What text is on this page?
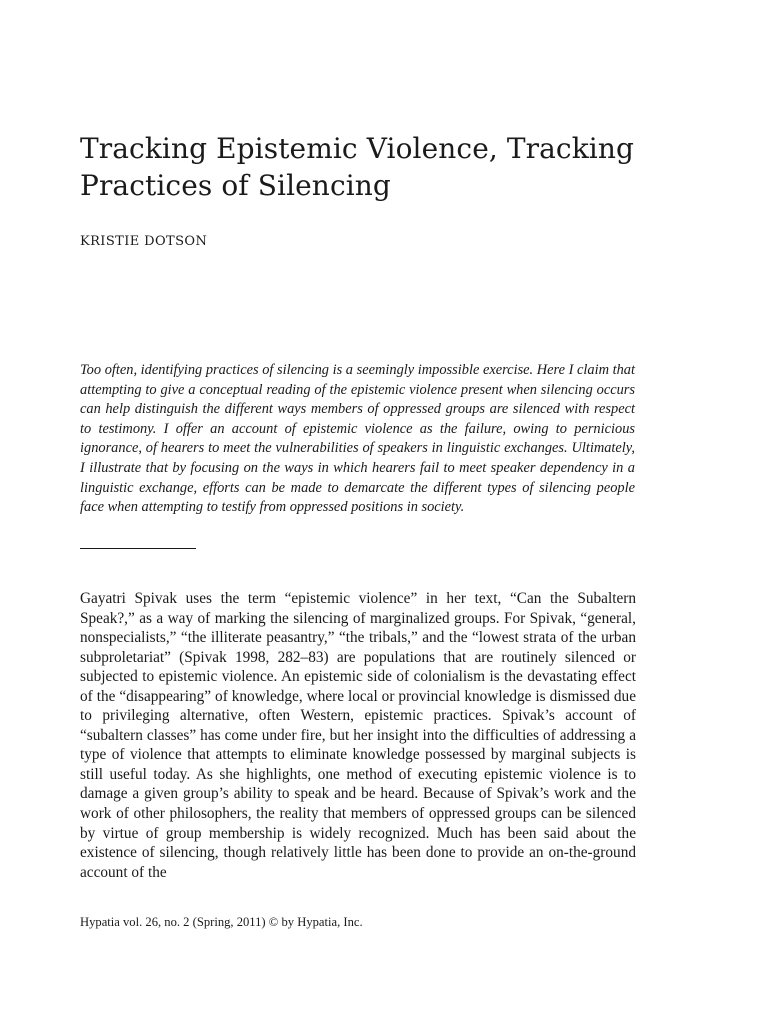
Tracking Epistemic Violence, Tracking Practices of Silencing

KRISTIE DOTSON

Too often, identifying practices of silencing is a seemingly impossible exercise. Here I claim that attempting to give a conceptual reading of the epistemic violence present when silencing occurs can help distinguish the different ways members of oppressed groups are silenced with respect to testimony. I offer an account of epistemic violence as the failure, owing to pernicious ignorance, of hearers to meet the vulnerabilities of speakers in linguistic exchanges. Ultimately, I illustrate that by focusing on the ways in which hearers fail to meet speaker dependency in a linguistic exchange, efforts can be made to demarcate the different types of silencing people face when attempting to testify from oppressed positions in society.

Gayatri Spivak uses the term “epistemic violence” in her text, “Can the Subaltern Speak?,” as a way of marking the silencing of marginalized groups. For Spivak, “general, nonspecialists,” “the illiterate peasantry,” “the tribals,” and the “lowest strata of the urban subproletariat” (Spivak 1998, 282–83) are populations that are routinely silenced or subjected to epistemic violence. An epistemic side of colonialism is the devastating effect of the “disappearing” of knowledge, where local or provincial knowledge is dismissed due to privileging alternative, often Western, epistemic practices. Spivak’s account of “subaltern classes” has come under fire, but her insight into the difficulties of addressing a type of violence that attempts to eliminate knowledge possessed by marginal subjects is still useful today. As she highlights, one method of executing epistemic violence is to damage a given group’s ability to speak and be heard. Because of Spivak’s work and the work of other philosophers, the reality that members of oppressed groups can be silenced by virtue of group membership is widely recognized. Much has been said about the existence of silencing, though relatively little has been done to provide an on-the-ground account of the

Hypatia vol. 26, no. 2 (Spring, 2011) © by Hypatia, Inc.
